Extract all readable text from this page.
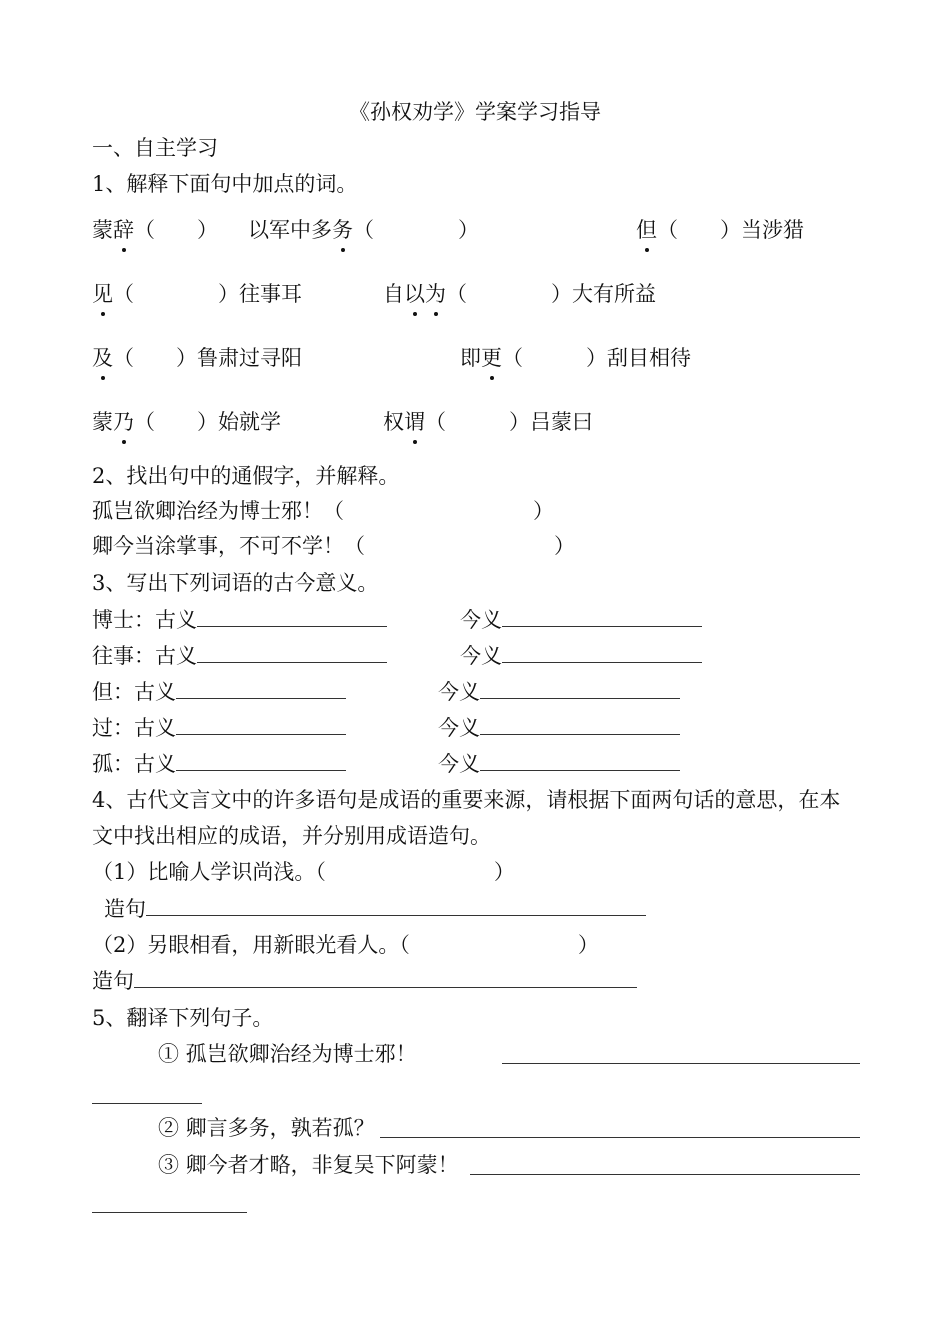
《孙权劝学》学案学习指导
一、自主学习
1、解释下面句中加点的词。
蒙辞（　　） 以军中多务（　　　　）	但（　　）当涉猎
见（　　　　）往事耳	自以为（　　　　）大有所益
及（　　）鲁肃过寻阳	即更（　　　）刮目相待
蒙乃（　　）始就学	权谓（　　　）吕蒙曰
2、找出句中的通假字，并解释。
孤岂欲卿治经为博士邪！（　　　　　　　　　）
卿今当涂掌事，不可不学！（　　　　　　　　　）
3、写出下列词语的古今意义。
博士：古义	今义
往事：古义	今义
但：古义	今义
过：古义	今义
孤：古义	今义
4、古代文言文中的许多语句是成语的重要来源，请根据下面两句话的意思，在本
文中找出相应的成语，并分别用成语造句。
（1）比喻人学识尚浅。（　　　　　　　　）
造句
（2）另眼相看，用新眼光看人。（　　　　　　　　）
造句
5、翻译下列句子。
① 孤岂欲卿治经为博士邪！
② 卿言多务，孰若孤？
③ 卿今者才略，非复吴下阿蒙！
